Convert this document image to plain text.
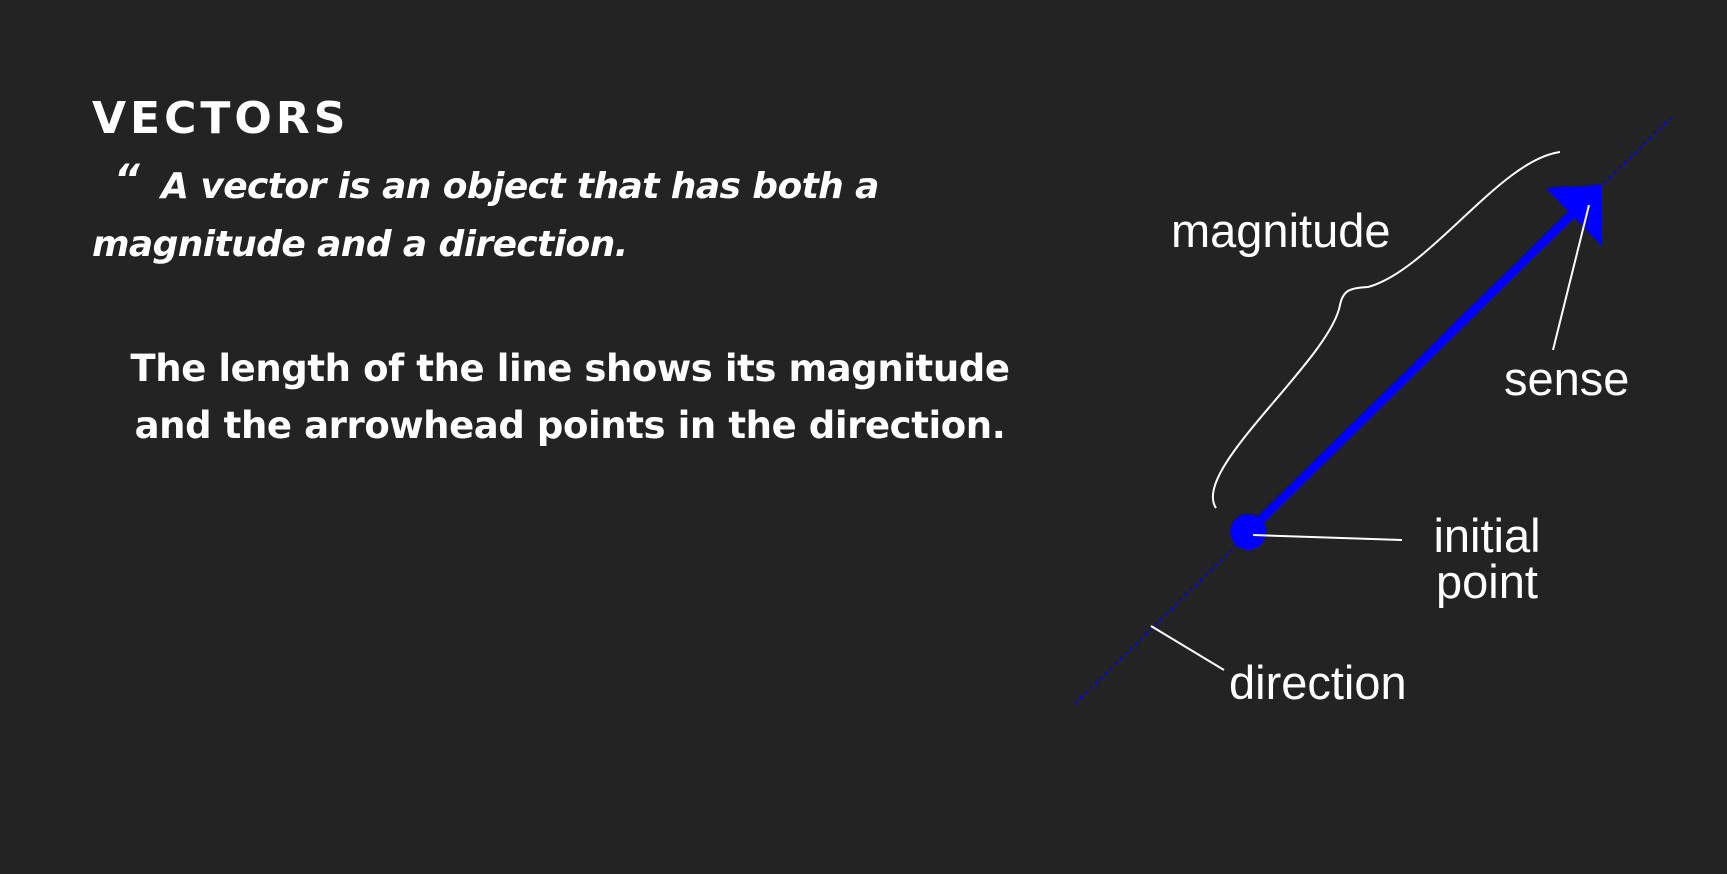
VECTORS

“ A vector is an object that has both a magnitude and a direction.

The length of the line shows its magnitude
and the arrowhead points in the direction.

magnitude
sense
initial
point
direction
